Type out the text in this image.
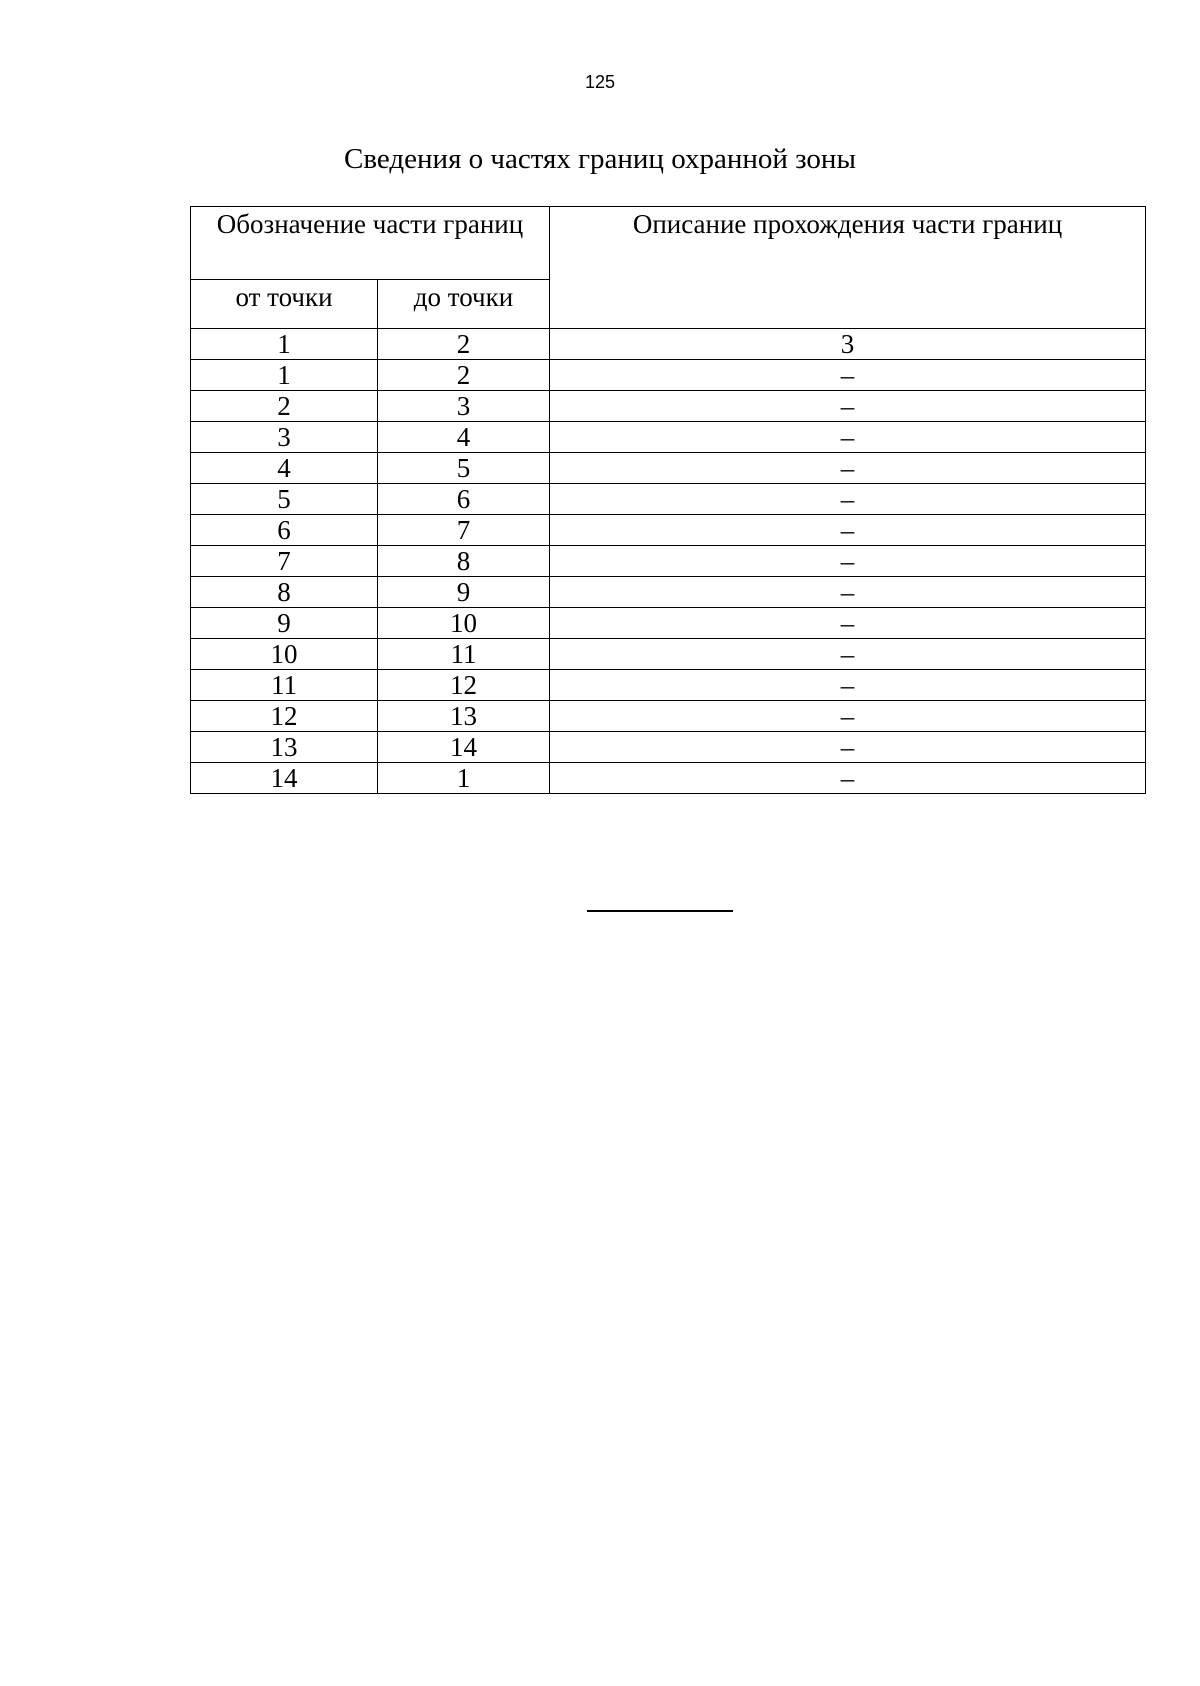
125
Сведения о частях границ охранной зоны
Обозначение части границ		Описание прохождения части границ
от точки	до точки	
1	2	3
1	2	–
2	3	–
3	4	–
4	5	–
5	6	–
6	7	–
7	8	–
8	9	–
9	10	–
10	11	–
11	12	–
12	13	–
13	14	–
14	1	–
